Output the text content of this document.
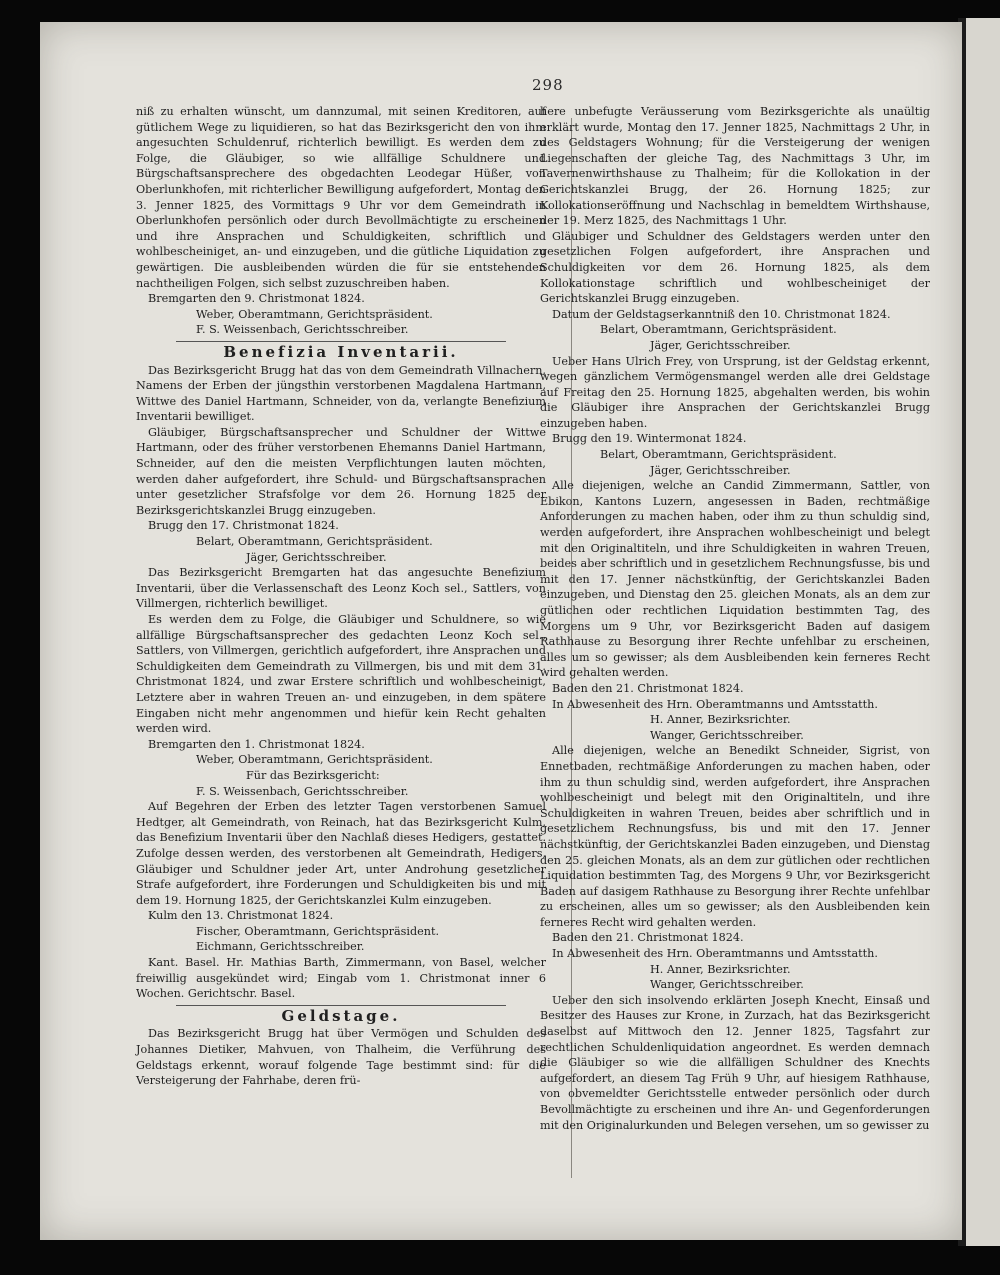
298

niß zu erhalten wünscht, um dannzumal, mit seinen Kreditoren, auf gütlichem Wege zu liquidieren, so hat das Bezirksgericht den von ihm angesuchten Schuldenruf, richterlich bewilligt. Es werden dem zu Folge, die Gläubiger, so wie allfällige Schuldnere und Bürgschaftsansprechere des obgedachten Leodegar Hüßer, von Oberlunkhofen, mit richterlicher Bewilligung aufgefordert, Montag den 3. Jenner 1825, des Vormittags 9 Uhr vor dem Gemeindrath in Oberlunkhofen persönlich oder durch Bevollmächtigte zu erscheinen und ihre Ansprachen und Schuldigkeiten, schriftlich und wohlbescheiniget, an- und einzugeben, und die gütliche Liquidation zu gewärtigen. Die ausbleibenden würden die für sie entstehenden nachtheiligen Folgen, sich selbst zuzuschreiben haben.

Bremgarten den 9. Christmonat 1824.

Weber, Oberamtmann, Gerichtspräsident.

F. S. Weissenbach, Gerichtsschreiber.

Benefizia Inventarii.

Das Bezirksgericht Brugg hat das von dem Gemeindrath Villnachern, Namens der Erben der jüngsthin verstorbenen Magdalena Hartmann, Wittwe des Daniel Hartmann, Schneider, von da, verlangte Benefizium Inventarii bewilliget.

Gläubiger, Bürgschaftsansprecher und Schuldner der Wittwe Hartmann, oder des früher verstorbenen Ehemanns Daniel Hartmann, Schneider, auf den die meisten Verpflichtungen lauten möchten, werden daher aufgefordert, ihre Schuld- und Bürgschaftsansprachen unter gesetzlicher Strafsfolge vor dem 26. Hornung 1825 der Bezirksgerichtskanzlei Brugg einzugeben.

Brugg den 17. Christmonat 1824.

Belart, Oberamtmann, Gerichtspräsident.

Jäger, Gerichtsschreiber.

Das Bezirksgericht Bremgarten hat das angesuchte Benefizium Inventarii, über die Verlassenschaft des Leonz Koch sel., Sattlers, von Villmergen, richterlich bewilliget.

Es werden dem zu Folge, die Gläubiger und Schuldnere, so wie allfällige Bürgschaftsansprecher des gedachten Leonz Koch sel., Sattlers, von Villmergen, gerichtlich aufgefordert, ihre Ansprachen und Schuldigkeiten dem Gemeindrath zu Villmergen, bis und mit dem 31. Christmonat 1824, und zwar Erstere schriftlich und wohlbescheinigt, Letztere aber in wahren Treuen an- und einzugeben, in dem spätere Eingaben nicht mehr angenommen und hiefür kein Recht gehalten werden wird.

Bremgarten den 1. Christmonat 1824.

Weber, Oberamtmann, Gerichtspräsident.

Für das Bezirksgericht:

F. S. Weissenbach, Gerichtsschreiber.

Auf Begehren der Erben des letzter Tagen verstorbenen Samuel Hedtger, alt Gemeindrath, von Reinach, hat das Bezirksgericht Kulm, das Benefizium Inventarii über den Nachlaß dieses Hedigers, gestattet. Zufolge dessen werden, des verstorbenen alt Gemeindrath, Hedigers, Gläubiger und Schuldner jeder Art, unter Androhung gesetzlicher Strafe aufgefordert, ihre Forderungen und Schuldigkeiten bis und mit dem 19. Hornung 1825, der Gerichtskanzlei Kulm einzugeben.

Kulm den 13. Christmonat 1824.

Fischer, Oberamtmann, Gerichtspräsident.

Eichmann, Gerichtsschreiber.

Kant. Basel. Hr. Mathias Barth, Zimmermann, von Basel, welcher freiwillig ausgekündet wird; Eingab vom 1. Christmonat inner 6 Wochen. Gerichtschr. Basel.

Geldstage.

Das Bezirksgericht Brugg hat über Vermögen und Schulden des Johannes Dietiker, Mahvuen, von Thalheim, die Verführung des Geldstags erkennt, worauf folgende Tage bestimmt sind: für die Versteigerung der Fahrhabe, deren frü-

here unbefugte Veräusserung vom Bezirksgerichte als unaültig erklärt wurde, Montag den 17. Jenner 1825, Nachmittags 2 Uhr, in des Geldstagers Wohnung; für die Versteigerung der wenigen Liegenschaften der gleiche Tag, des Nachmittags 3 Uhr, im Tavernenwirthshause zu Thalheim; für die Kollokation in der Gerichtskanzlei Brugg, der 26. Hornung 1825; zur Kollokationseröffnung und Nachschlag in bemeldtem Wirthshause, der 19. Merz 1825, des Nachmittags 1 Uhr.

Gläubiger und Schuldner des Geldstagers werden unter den gesetzlichen Folgen aufgefordert, ihre Ansprachen und Schuldigkeiten vor dem 26. Hornung 1825, als dem Kollokationstage schriftlich und wohlbescheiniget der Gerichtskanzlei Brugg einzugeben.

Datum der Geldstagserkanntniß den 10. Christmonat 1824.

Belart, Oberamtmann, Gerichtspräsident.

Jäger, Gerichtsschreiber.

Ueber Hans Ulrich Frey, von Ursprung, ist der Geldstag erkennt, wegen gänzlichem Vermögensmangel werden alle drei Geldstage auf Freitag den 25. Hornung 1825, abgehalten werden, bis wohin die Gläubiger ihre Ansprachen der Gerichtskanzlei Brugg einzugeben haben.

Brugg den 19. Wintermonat 1824.

Belart, Oberamtmann, Gerichtspräsident.

Jäger, Gerichtsschreiber.

Alle diejenigen, welche an Candid Zimmermann, Sattler, von Ebikon, Kantons Luzern, angesessen in Baden, rechtmäßige Anforderungen zu machen haben, oder ihm zu thun schuldig sind, werden aufgefordert, ihre Ansprachen wohlbescheinigt und belegt mit den Originaltiteln, und ihre Schuldigkeiten in wahren Treuen, beides aber schriftlich und in gesetzlichem Rechnungsfusse, bis und mit den 17. Jenner nächstkünftig, der Gerichtskanzlei Baden einzugeben, und Dienstag den 25. gleichen Monats, als an dem zur gütlichen oder rechtlichen Liquidation bestimmten Tag, des Morgens um 9 Uhr, vor Bezirksgericht Baden auf dasigem Rathhause zu Besorgung ihrer Rechte unfehlbar zu erscheinen, alles um so gewisser; als dem Ausbleibenden kein ferneres Recht wird gehalten werden.

Baden den 21. Christmonat 1824.

In Abwesenheit des Hrn. Oberamtmanns und Amtsstatth.

H. Anner, Bezirksrichter.

Wanger, Gerichtsschreiber.

Alle diejenigen, welche an Benedikt Schneider, Sigrist, von Ennetbaden, rechtmäßige Anforderungen zu machen haben, oder ihm zu thun schuldig sind, werden aufgefordert, ihre Ansprachen wohlbescheinigt und belegt mit den Originaltiteln, und ihre Schuldigkeiten in wahren Treuen, beides aber schriftlich und in gesetzlichem Rechnungsfuss, bis und mit den 17. Jenner nächstkünftig, der Gerichtskanzlei Baden einzugeben, und Dienstag den 25. gleichen Monats, als an dem zur gütlichen oder rechtlichen Liquidation bestimmten Tag, des Morgens 9 Uhr, vor Bezirksgericht Baden auf dasigem Rathhause zu Besorgung ihrer Rechte unfehlbar zu erscheinen, alles um so gewisser; als den Ausbleibenden kein ferneres Recht wird gehalten werden.

Baden den 21. Christmonat 1824.

In Abwesenheit des Hrn. Oberamtmanns und Amtsstatth.

H. Anner, Bezirksrichter.

Wanger, Gerichtsschreiber.

Ueber den sich insolvendo erklärten Joseph Knecht, Einsaß und Besitzer des Hauses zur Krone, in Zurzach, hat das Bezirksgericht daselbst auf Mittwoch den 12. Jenner 1825, Tagsfahrt zur rechtlichen Schuldenliquidation angeordnet. Es werden demnach die Gläubiger so wie die allfälligen Schuldner des Knechts aufgefordert, an diesem Tag Früh 9 Uhr, auf hiesigem Rathhause, von obvemeldter Gerichtsstelle entweder persönlich oder durch Bevollmächtigte zu erscheinen und ihre An- und Gegenforderungen mit den Originalurkunden und Belegen versehen, um so gewisser zu
